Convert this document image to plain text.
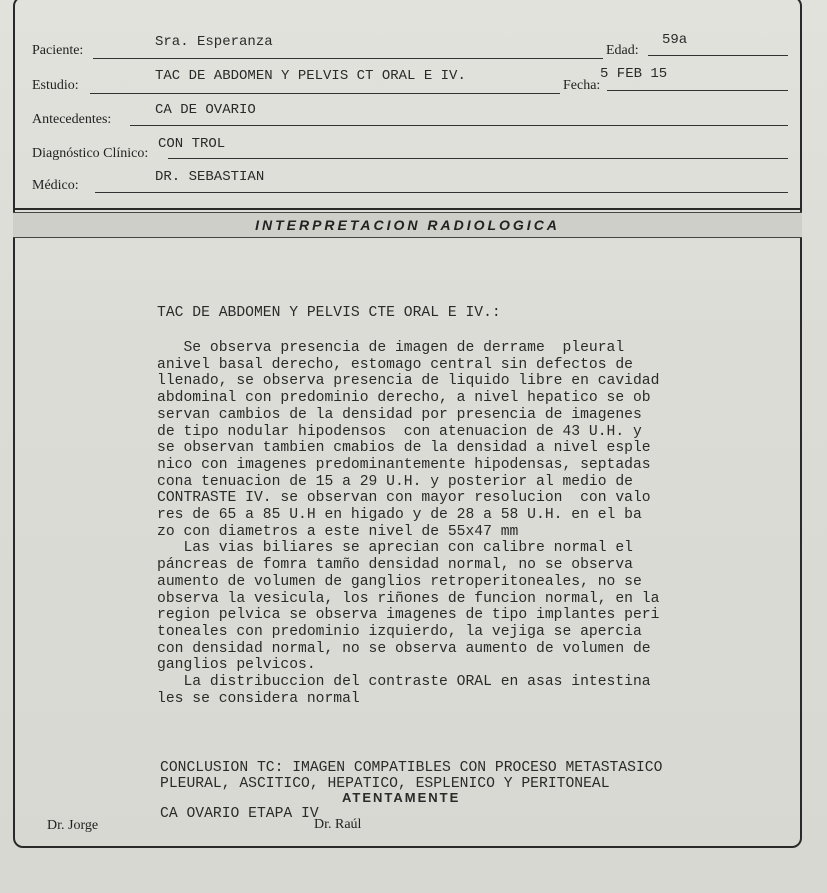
Paciente:
Sra. Esperanza
Edad:
59a
Estudio:
TAC DE ABDOMEN Y PELVIS CT ORAL E IV.
Fecha:
5 FEB 15
Antecedentes:
CA DE OVARIO
Diagnóstico Clínico:
CON TROL
Médico:
DR. SEBASTIAN
INTERPRETACION RADIOLOGICA
TAC DE ABDOMEN Y PELVIS CTE ORAL E IV.:

Se observa presencia de imagen de derrame  pleural

anivel basal derecho, estomago central sin defectos de

llenado, se observa presencia de liquido libre en cavidad

abdominal con predominio derecho, a nivel hepatico se ob

servan cambios de la densidad por presencia de imagenes

de tipo nodular hipodensos  con atenuacion de 43 U.H. y

se observan tambien cmabios de la densidad a nivel esple

nico con imagenes predominantemente hipodensas, septadas

cona tenuacion de 15 a 29 U.H. y posterior al medio de

CONTRASTE IV. se observan con mayor resolucion  con valo

res de 65 a 85 U.H en higado y de 28 a 58 U.H. en el ba

zo con diametros a este nivel de 55x47 mm

Las vias biliares se aprecian con calibre normal el

páncreas de fomra tamño densidad normal, no se observa

aumento de volumen de ganglios retroperitoneales, no se

observa la vesicula, los riñones de funcion normal, en la

region pelvica se observa imagenes de tipo implantes peri

toneales con predominio izquierdo, la vejiga se apercia

con densidad normal, no se observa aumento de volumen de

ganglios pelvicos.

La distribuccion del contraste ORAL en asas intestina

les se considera normal

CONCLUSION TC: IMAGEN COMPATIBLES CON PROCESO METASTASICO
PLEURAL, ASCITICO, HEPATICO, ESPLENICO Y PERITONEAL
ATENTAMENTE
CA OVARIO ETAPA IV
Dr. Jorge	Dr. Raúl
